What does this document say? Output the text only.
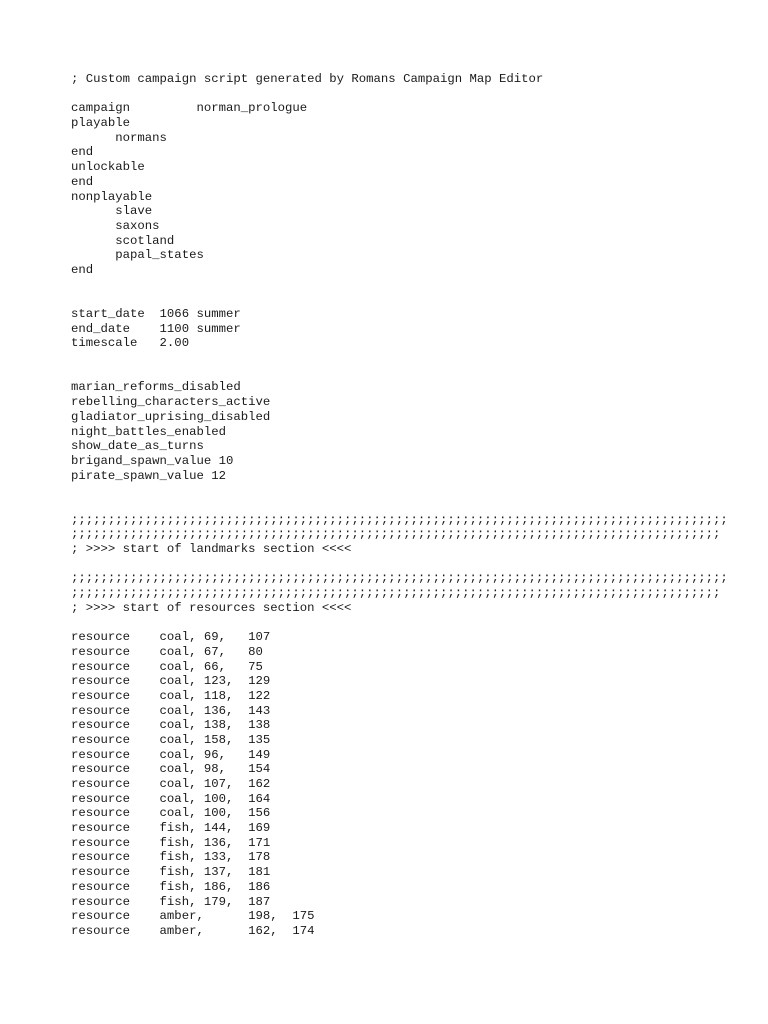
; Custom campaign script generated by Romans Campaign Map Editor
campaign         norman_prologue
playable
normans
end
unlockable
end
nonplayable
slave
saxons
scotland
papal_states
end
start_date  1066 summer
end_date    1100 summer
timescale   2.00
marian_reforms_disabled
rebelling_characters_active
gladiator_uprising_disabled
night_battles_enabled
show_date_as_turns
brigand_spawn_value 10
pirate_spawn_value 12
;;;;;;;;;;;;;;;;;;;;;;;;;;;;;;;;;;;;;;;;;;;;;;;;;;;;;;;;;;;;;;;;;;;;;;;;;;;;;;;;;;;;;;;;;
;;;;;;;;;;;;;;;;;;;;;;;;;;;;;;;;;;;;;;;;;;;;;;;;;;;;;;;;;;;;;;;;;;;;;;;;;;;;;;;;;;;;;;;;
; >>>> start of landmarks section <<<<
;;;;;;;;;;;;;;;;;;;;;;;;;;;;;;;;;;;;;;;;;;;;;;;;;;;;;;;;;;;;;;;;;;;;;;;;;;;;;;;;;;;;;;;;;
;;;;;;;;;;;;;;;;;;;;;;;;;;;;;;;;;;;;;;;;;;;;;;;;;;;;;;;;;;;;;;;;;;;;;;;;;;;;;;;;;;;;;;;;
; >>>> start of resources section <<<<
resource    coal, 69,   107
resource    coal, 67,   80
resource    coal, 66,   75
resource    coal, 123,  129
resource    coal, 118,  122
resource    coal, 136,  143
resource    coal, 138,  138
resource    coal, 158,  135
resource    coal, 96,   149
resource    coal, 98,   154
resource    coal, 107,  162
resource    coal, 100,  164
resource    coal, 100,  156
resource    fish, 144,  169
resource    fish, 136,  171
resource    fish, 133,  178
resource    fish, 137,  181
resource    fish, 186,  186
resource    fish, 179,  187
resource    amber,      198,  175
resource    amber,      162,  174
